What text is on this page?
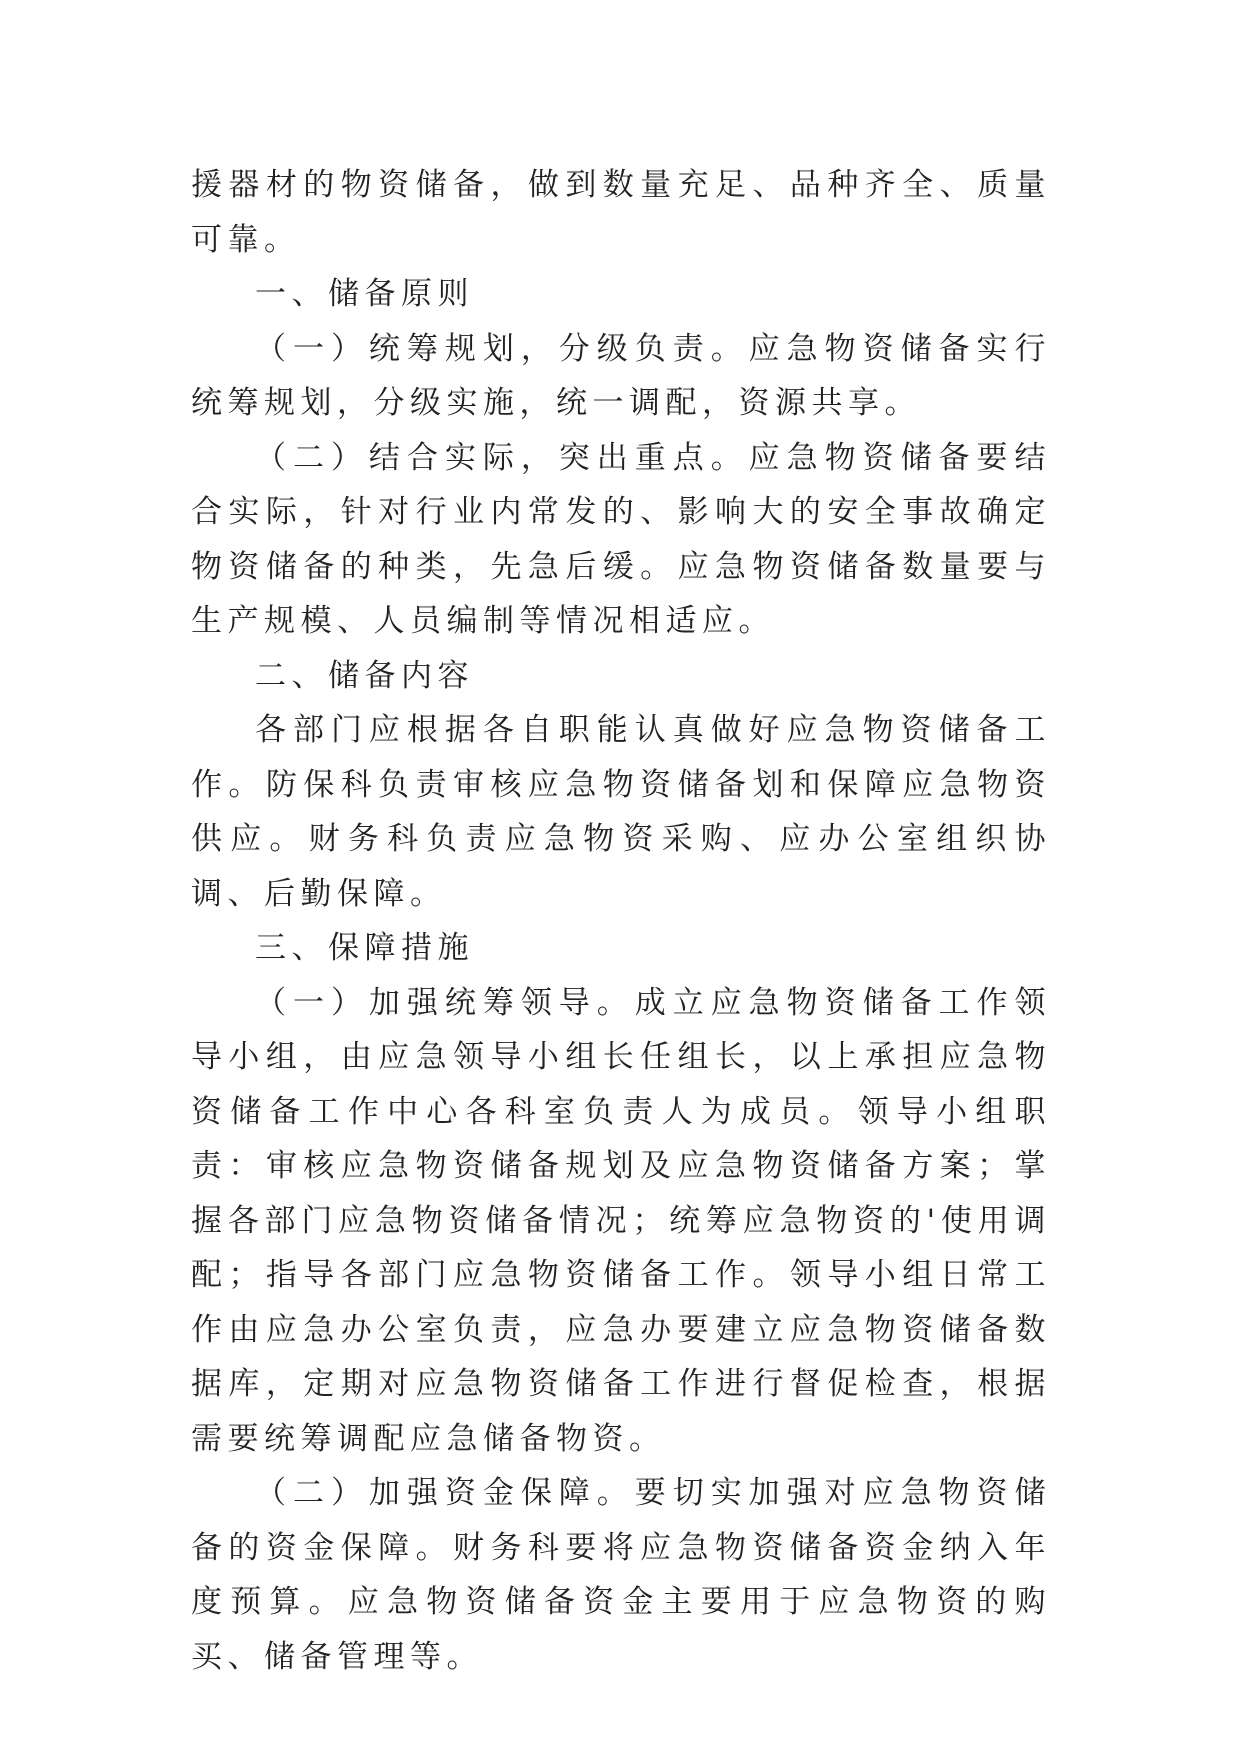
援器材的物资储备，做到数量充足、品种齐全、质量可靠。

一、储备原则

（一）统筹规划，分级负责。应急物资储备实行统筹规划，分级实施，统一调配，资源共享。

（二）结合实际，突出重点。应急物资储备要结合实际，针对行业内常发的、影响大的安全事故确定物资储备的种类，先急后缓。应急物资储备数量要与生产规模、人员编制等情况相适应。

二、储备内容

各部门应根据各自职能认真做好应急物资储备工作。防保科负责审核应急物资储备划和保障应急物资供应。财务科负责应急物资采购、应办公室组织协调、后勤保障。

三、保障措施

（一）加强统筹领导。成立应急物资储备工作领导小组，由应急领导小组长任组长，以上承担应急物资储备工作中心各科室负责人为成员。领导小组职责：审核应急物资储备规划及应急物资储备方案；掌握各部门应急物资储备情况；统筹应急物资的'使用调配；指导各部门应急物资储备工作。领导小组日常工作由应急办公室负责，应急办要建立应急物资储备数据库，定期对应急物资储备工作进行督促检查，根据需要统筹调配应急储备物资。

（二）加强资金保障。要切实加强对应急物资储备的资金保障。财务科要将应急物资储备资金纳入年度预算。应急物资储备资金主要用于应急物资的购买、储备管理等。
